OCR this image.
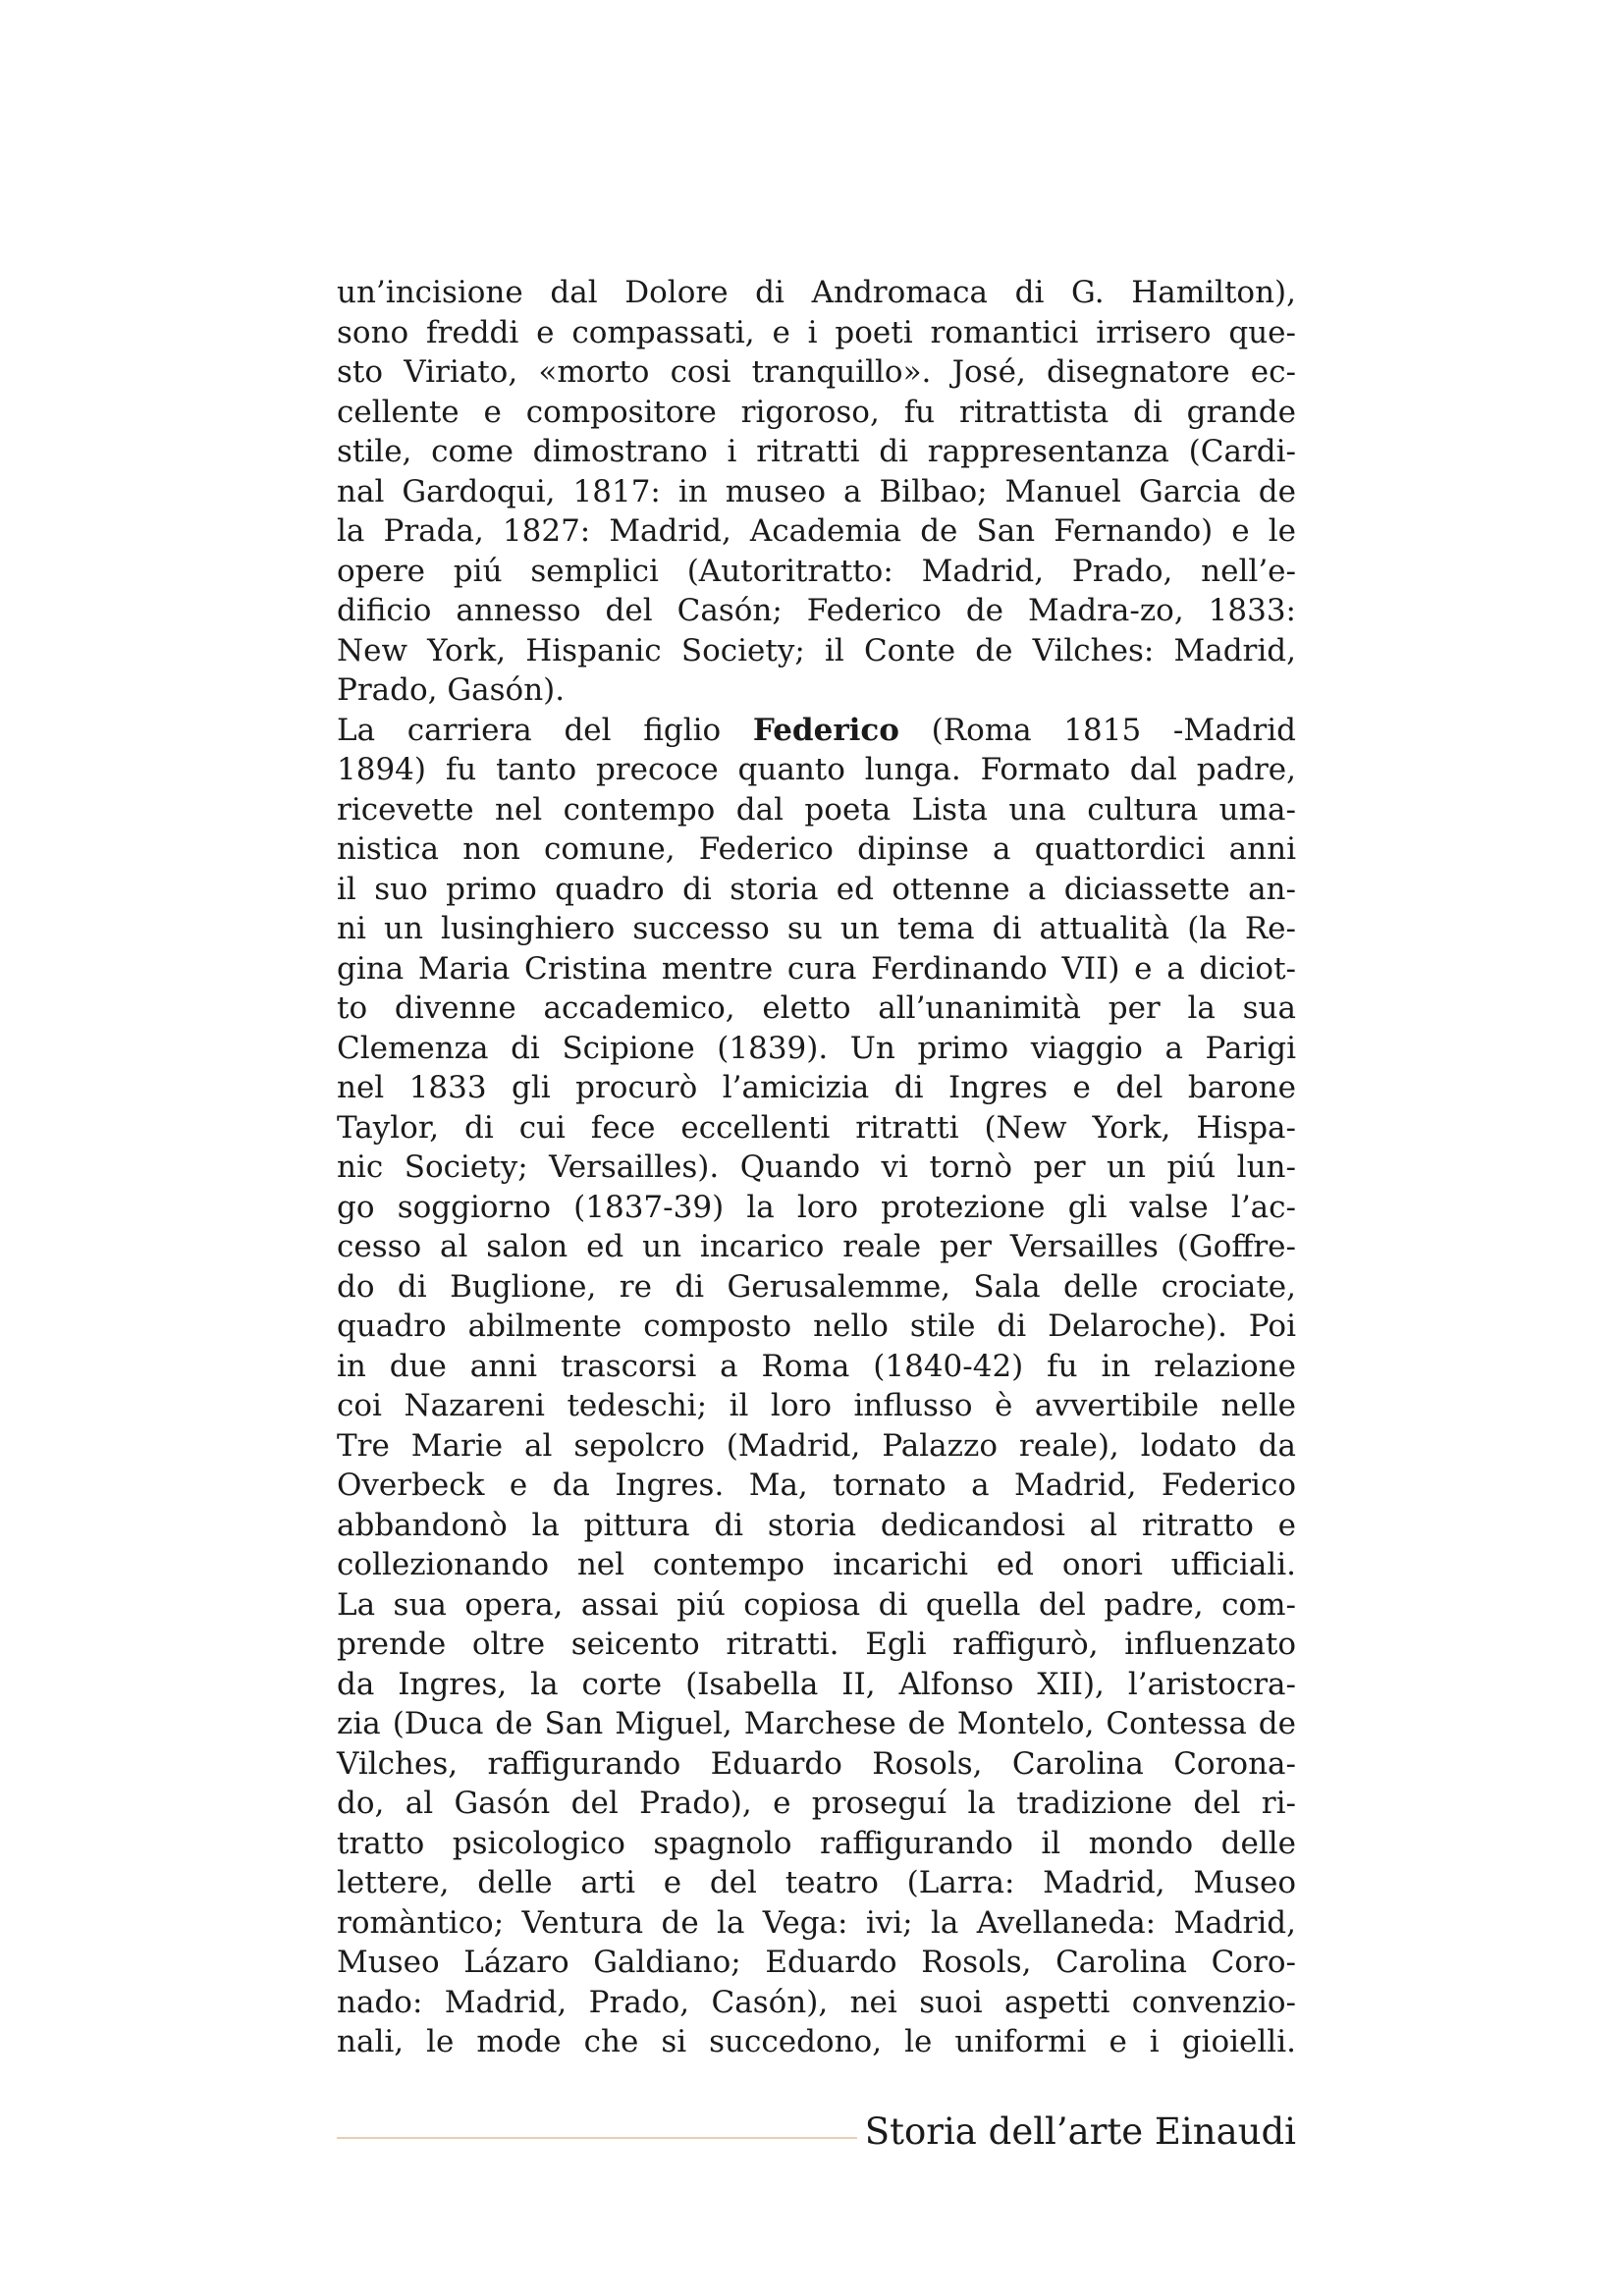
un’incisione dal Dolore di Andromaca di G. Hamilton),
sono freddi e compassati, e i poeti romantici irrisero que-
sto Viriato, «morto cosi tranquillo». José, disegnatore ec-
cellente e compositore rigoroso, fu ritrattista di grande
stile, come dimostrano i ritratti di rappresentanza (Cardi-
nal Gardoqui, 1817: in museo a Bilbao; Manuel Garcia de
la Prada, 1827: Madrid, Academia de San Fernando) e le
opere piú semplici (Autoritratto: Madrid, Prado, nell’e-
dificio annesso del Casón; Federico de Madra-zo, 1833:
New York, Hispanic Society; il Conte de Vilches: Madrid,
Prado, Gasón).
La carriera del figlio Federico (Roma 1815 -Madrid
1894) fu tanto precoce quanto lunga. Formato dal padre,
ricevette nel contempo dal poeta Lista una cultura uma-
nistica non comune, Federico dipinse a quattordici anni
il suo primo quadro di storia ed ottenne a diciassette an-
ni un lusinghiero successo su un tema di attualità (la Re-
gina Maria Cristina mentre cura Ferdinando VII) e a diciot-
to divenne accademico, eletto all’unanimità per la sua
Clemenza di Scipione (1839). Un primo viaggio a Parigi
nel 1833 gli procurò l’amicizia di Ingres e del barone
Taylor, di cui fece eccellenti ritratti (New York, Hispa-
nic Society; Versailles). Quando vi tornò per un piú lun-
go soggiorno (1837-39) la loro protezione gli valse l’ac-
cesso al salon ed un incarico reale per Versailles (Goffre-
do di Buglione, re di Gerusalemme, Sala delle crociate,
quadro abilmente composto nello stile di Delaroche). Poi
in due anni trascorsi a Roma (1840-42) fu in relazione
coi Nazareni tedeschi; il loro influsso è avvertibile nelle
Tre Marie al sepolcro (Madrid, Palazzo reale), lodato da
Overbeck e da Ingres. Ma, tornato a Madrid, Federico
abbandonò la pittura di storia dedicandosi al ritratto e
collezionando nel contempo incarichi ed onori ufficiali.
La sua opera, assai piú copiosa di quella del padre, com-
prende oltre seicento ritratti. Egli raffigurò, influenzato
da Ingres, la corte (Isabella II, Alfonso XII), l’aristocra-
zia (Duca de San Miguel, Marchese de Montelo, Contessa de
Vilches, raffigurando Eduardo Rosols, Carolina Corona-
do, al Gasón del Prado), e proseguí la tradizione del ri-
tratto psicologico spagnolo raffigurando il mondo delle
lettere, delle arti e del teatro (Larra: Madrid, Museo
romàntico; Ventura de la Vega: ivi; la Avellaneda: Madrid,
Museo Lázaro Galdiano; Eduardo Rosols, Carolina Coro-
nado: Madrid, Prado, Casón), nei suoi aspetti convenzio-
nali, le mode che si succedono, le uniformi e i gioielli.
Storia dell’arte Einaudi
